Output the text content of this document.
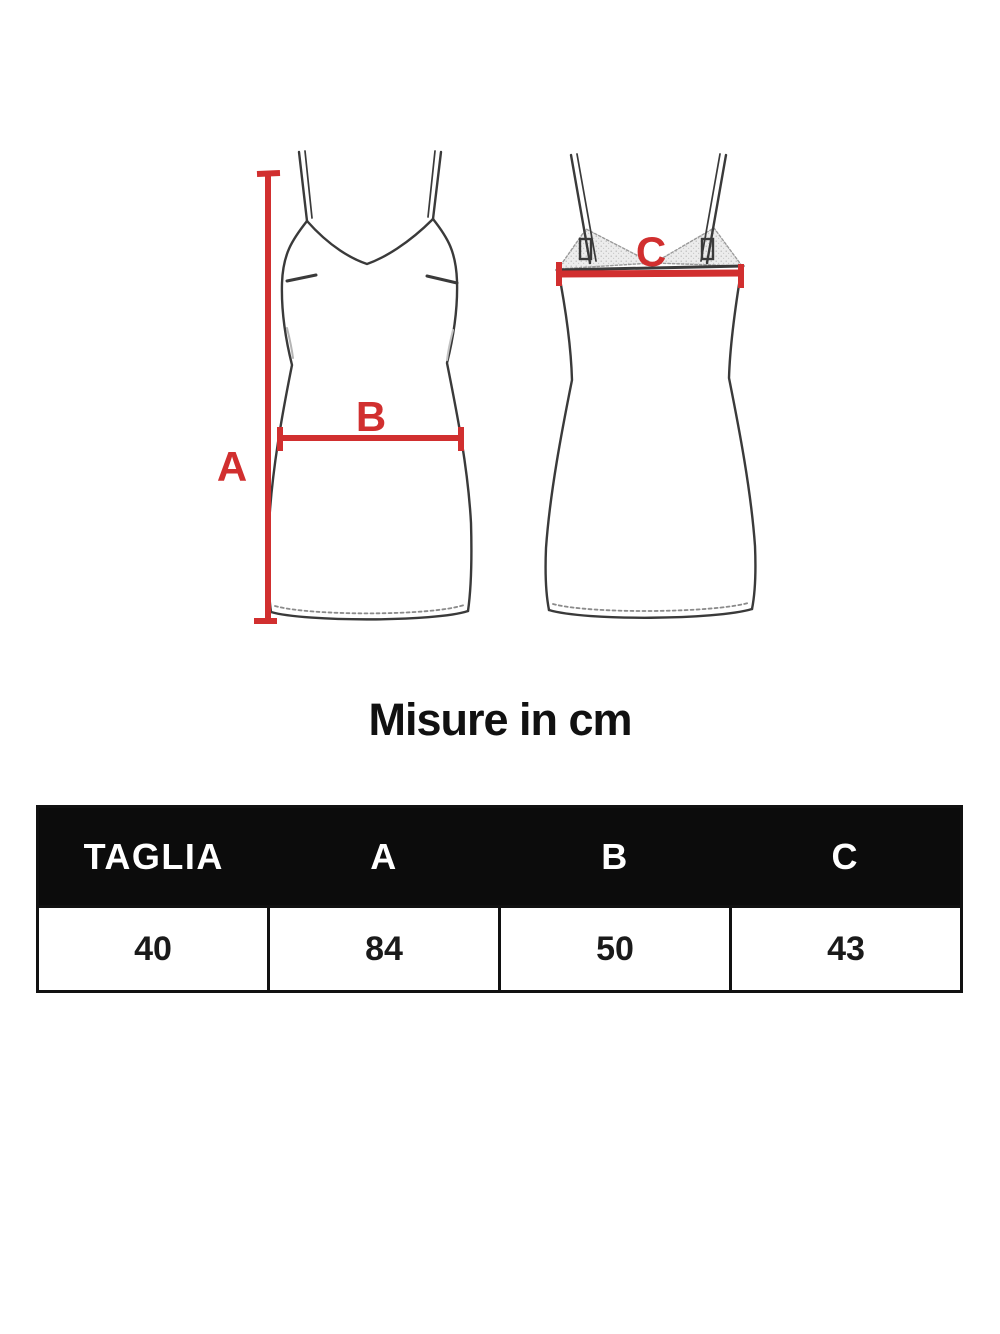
A
B
C
Misure in cm
TAGLIA	A	B	C
40	84	50	43
